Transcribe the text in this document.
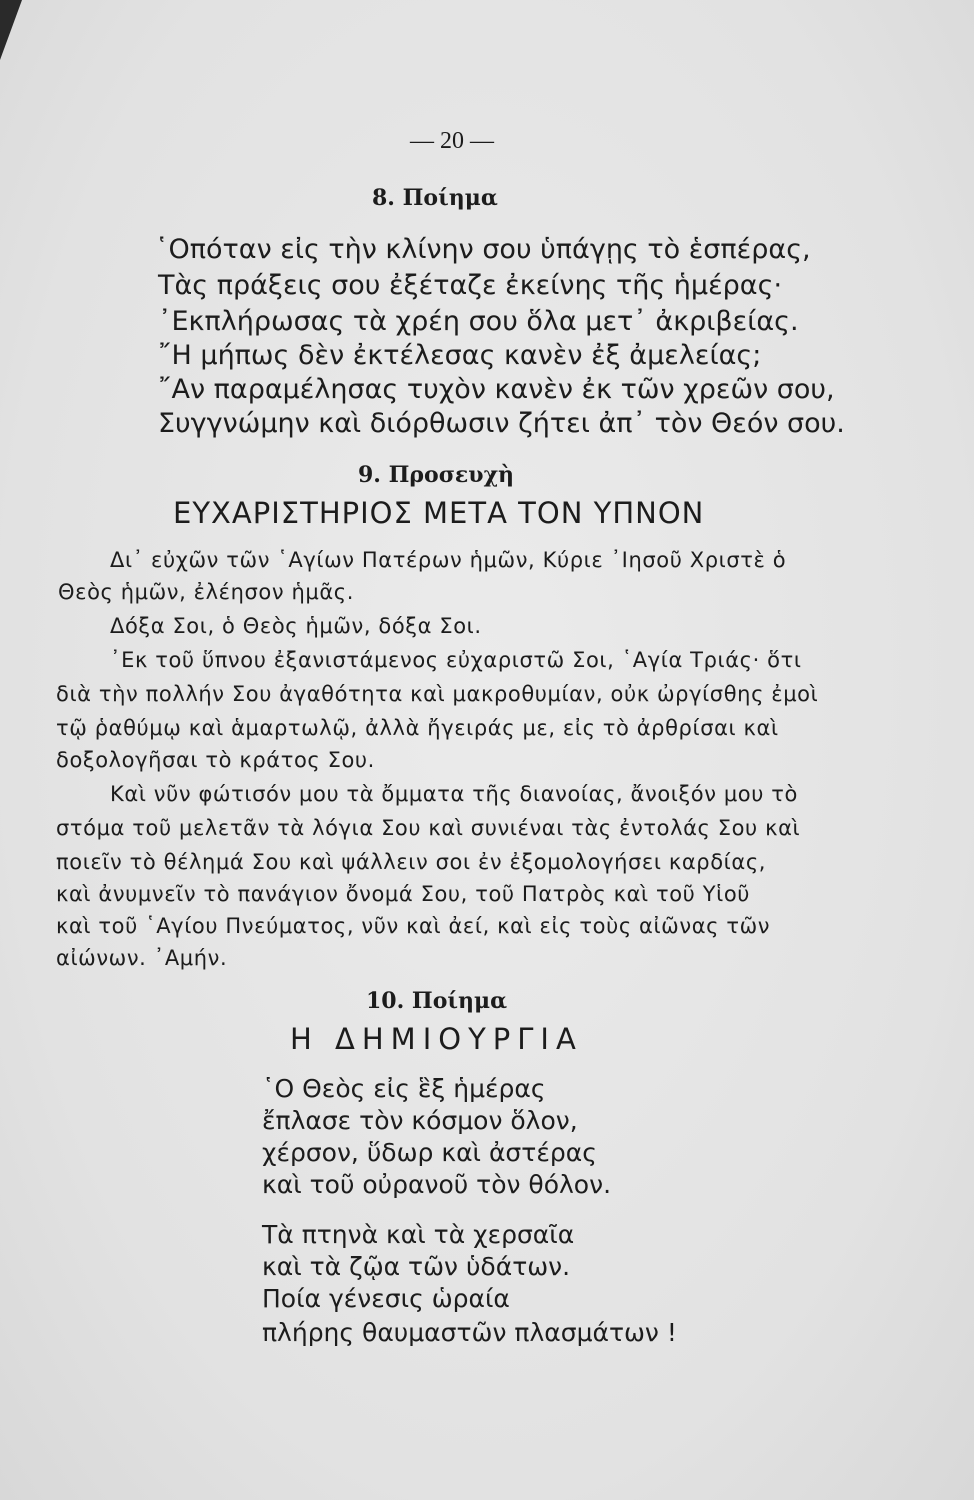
— 20 —
8. Ποίημα
῾Οπόταν εἰς τὴν κλίνην σου ὑπάγῃς τὸ ἑσπέρας,
Τὰς πράξεις σου ἐξέταζε ἐκείνης τῆς ἡμέρας·
᾿Εκπλήρωσας τὰ χρέη σου ὅλα μετ᾿ ἀκριβείας.
῎Η μήπως δὲν ἐκτέλεσας κανὲν ἐξ ἀμελείας;
῎Αν παραμέλησας τυχὸν κανὲν ἐκ τῶν χρεῶν σου,
Συγγνώμην καὶ διόρθωσιν ζήτει ἀπ᾿ τὸν Θεόν σου.
9. Προσευχὴ
ΕΥΧΑΡΙΣΤΗΡΙΟΣ ΜΕΤΑ ΤΟΝ ΥΠΝΟΝ
Δι᾿ εὐχῶν τῶν ῾Αγίων Πατέρων ἡμῶν, Κύριε ᾿Ιησοῦ Χριστὲ ὁ
Θεὸς ἡμῶν, ἐλέησον ἡμᾶς.
Δόξα Σοι, ὁ Θεὸς ἡμῶν, δόξα Σοι.
᾿Εκ τοῦ ὕπνου ἐξανιστάμενος εὐχαριστῶ Σοι, ῾Αγία Τριάς· ὅτι
διὰ τὴν πολλήν Σου ἀγαθότητα καὶ μακροθυμίαν, οὐκ ὠργίσθης ἐμοὶ
τῷ ῥαθύμῳ καὶ ἁμαρτωλῷ, ἀλλὰ ἤγειράς με, εἰς τὸ ἀρθρίσαι καὶ
δοξολογῆσαι τὸ κράτος Σου.
Καὶ νῦν φώτισόν μου τὰ ὄμματα τῆς διανοίας, ἄνοιξόν μου τὸ
στόμα τοῦ μελετᾶν τὰ λόγια Σου καὶ συνιέναι τὰς ἐντολάς Σου καὶ
ποιεῖν τὸ θέλημά Σου καὶ ψάλλειν σοι ἐν ἐξομολογήσει καρδίας,
καὶ ἀνυμνεῖν τὸ πανάγιον ὄνομά Σου, τοῦ Πατρὸς καὶ τοῦ Υἱοῦ
καὶ τοῦ ῾Αγίου Πνεύματος, νῦν καὶ ἀεί, καὶ εἰς τοὺς αἰῶνας τῶν
αἰώνων. ᾿Αμήν.
10. Ποίημα
Η ΔΗΜΙΟΥΡΓΙΑ
῾Ο Θεὸς εἰς ἓξ ἡμέρας
ἔπλασε τὸν κόσμον ὅλον,
χέρσον, ὕδωρ καὶ ἀστέρας
καὶ τοῦ οὐρανοῦ τὸν θόλον.
Τὰ πτηνὰ καὶ τὰ χερσαῖα
καὶ τὰ ζῷα τῶν ὑδάτων.
Ποία γένεσις ὡραία
πλήρης θαυμαστῶν πλασμάτων !
